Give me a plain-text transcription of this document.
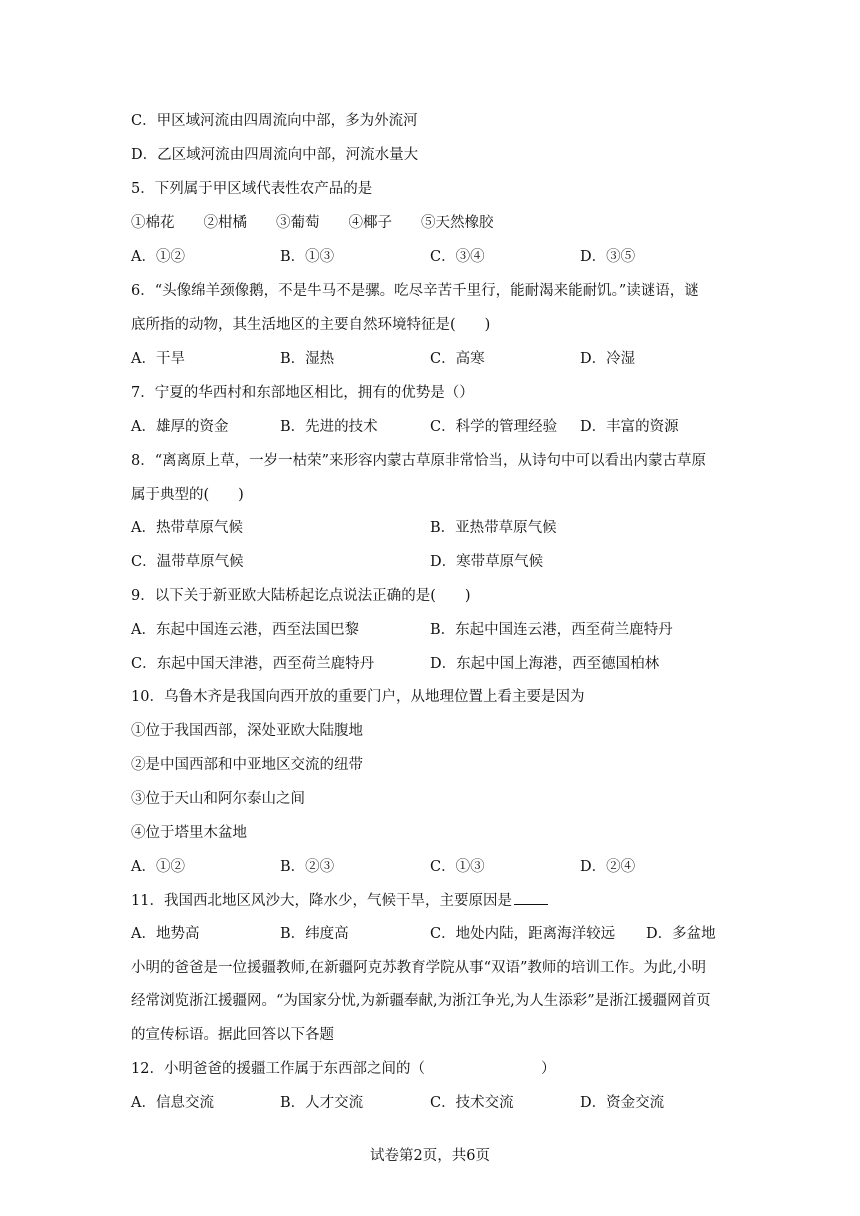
C．甲区域河流由四周流向中部，多为外流河
D．乙区域河流由四周流向中部，河流水量大
5．下列属于甲区域代表性农产品的是
①棉花　　②柑橘　　③葡萄　　④椰子　　⑤天然橡胶
A．①②	B．①③	C．③④	D．③⑤
6．“头像绵羊颈像鹅，不是牛马不是骡。吃尽辛苦千里行，能耐渴来能耐饥。”读谜语，谜
底所指的动物，其生活地区的主要自然环境特征是(　　)
A．干旱	B．湿热	C．高寒	D．冷湿
7．宁夏的华西村和东部地区相比，拥有的优势是（）
A．雄厚的资金	B．先进的技术	C．科学的管理经验 D．丰富的资源
8．“离离原上草，一岁一枯荣”来形容内蒙古草原非常恰当，从诗句中可以看出内蒙古草原
属于典型的(　　)
A．热带草原气候	B．亚热带草原气候
C．温带草原气候	D．寒带草原气候
9．以下关于新亚欧大陆桥起讫点说法正确的是(　　)
A．东起中国连云港，西至法国巴黎	B．东起中国连云港，西至荷兰鹿特丹
C．东起中国天津港，西至荷兰鹿特丹	D．东起中国上海港，西至德国柏林
10．乌鲁木齐是我国向西开放的重要门户，从地理位置上看主要是因为
①位于我国西部，深处亚欧大陆腹地
②是中国西部和中亚地区交流的纽带
③位于天山和阿尔泰山之间
④位于塔里木盆地
A．①②	B．②③	C．①③	D．②④
11．我国西北地区风沙大，降水少，气候干旱，主要原因是
A．地势高	B．纬度高	C．地处内陆，距离海洋较远 D．多盆地
小明的爸爸是一位援疆教师,在新疆阿克苏教育学院从事“双语”教师的培训工作。为此,小明
经常浏览浙江援疆网。“为国家分忧,为新疆奉献,为浙江争光,为人生添彩”是浙江援疆网首页
的宣传标语。据此回答以下各题
12．小明爸爸的援疆工作属于东西部之间的（　　　　　　　　）
A．信息交流	B．人才交流	C．技术交流	D．资金交流
试卷第2页，共6页
